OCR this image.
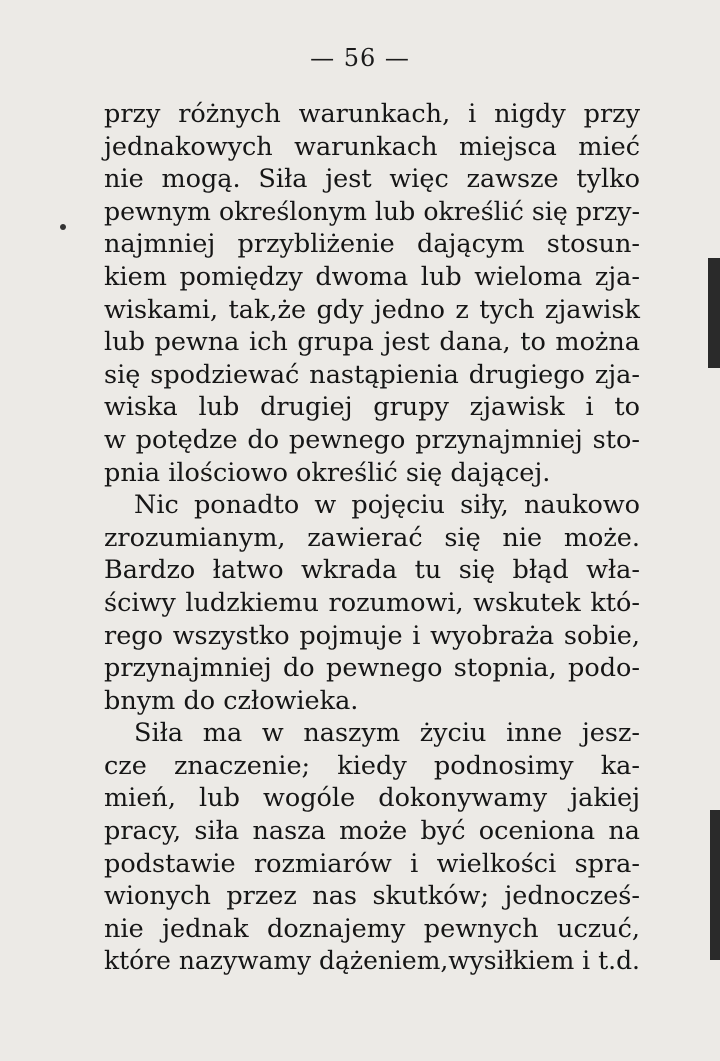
— 56 —
przy różnych warunkach, i nigdy przy
jednakowych warunkach miejsca mieć
nie mogą. Siła jest więc zawsze tylko
pewnym określonym lub określić się przy-
najmniej przybliżenie dającym stosun-
kiem pomiędzy dwoma lub wieloma zja-
wiskami, tak,że gdy jedno z tych zjawisk
lub pewna ich grupa jest dana, to można
się spodziewać nastąpienia drugiego zja-
wiska lub drugiej grupy zjawisk i to
w potędze do pewnego przynajmniej sto-
pnia ilościowo określić się dającej.
Nic ponadto w pojęciu siły, naukowo
zrozumianym, zawierać się nie może.
Bardzo łatwo wkrada tu się błąd wła-
ściwy ludzkiemu rozumowi, wskutek któ-
rego wszystko pojmuje i wyobraża sobie,
przynajmniej do pewnego stopnia, podo-
bnym do człowieka.
Siła ma w naszym życiu inne jesz-
cze znaczenie; kiedy podnosimy ka-
mień, lub wogóle dokonywamy jakiej
pracy, siła nasza może być oceniona na
podstawie rozmiarów i wielkości spra-
wionych przez nas skutków; jednocześ-
nie jednak doznajemy pewnych uczuć,
które nazywamy dążeniem,wysiłkiem i t.d.
